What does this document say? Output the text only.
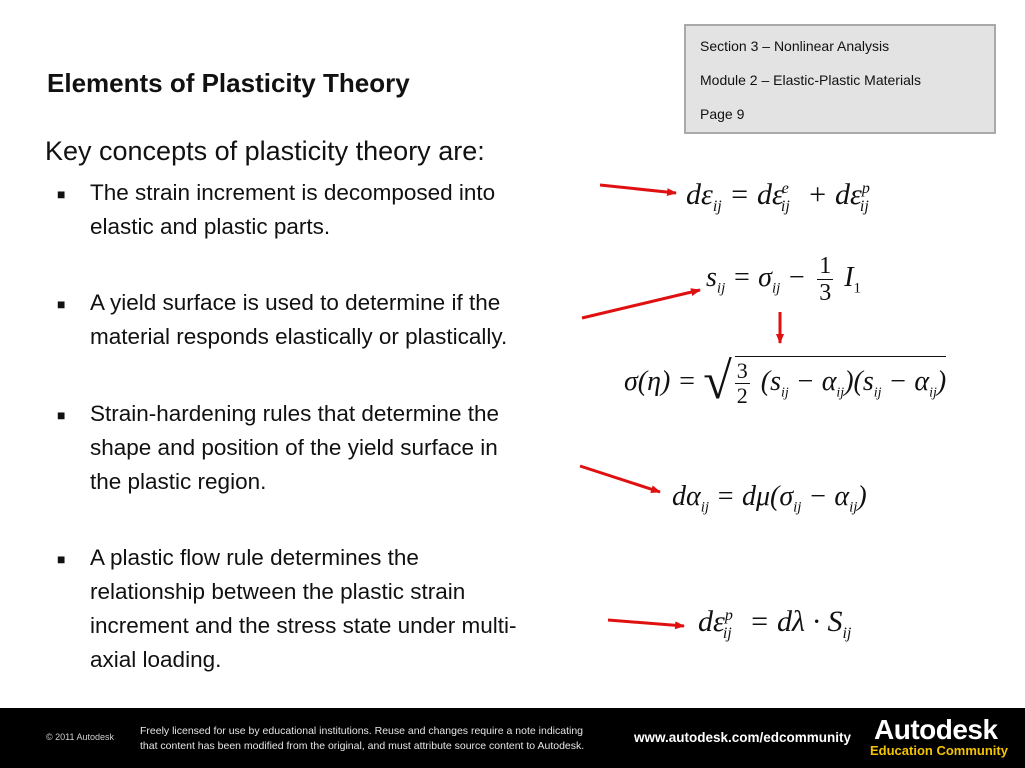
Section 3 – Nonlinear Analysis
Module 2 – Elastic-Plastic Materials
Page 9
Elements of Plasticity Theory
Key concepts of plasticity theory are:
■ The strain increment is decomposed into
elastic and plastic parts.
■ A yield surface is used to determine if the
material responds elastically or plastically.
■ Strain-hardening rules that determine the
shape and position of the yield surface in
the plastic region.
■ A plastic flow rule determines the
relationship between the plastic strain
increment and the stress state under multi-
axial loading.
$d\varepsilon_{ij} = d\varepsilon^e_{ij} + d\varepsilon^p_{ij}$
$s_{ij} = \sigma_{ij} - \frac{1}{3} I_1$
σ(η) = √ $\frac{3}{2} (s_{ij} - \alpha_{ij})(s_{ij} - \alpha_{ij})$
$d\alpha_{ij} = d\mu(\sigma_{ij} - \alpha_{ij})$
$d\varepsilon^p_{ij} = d\lambda \cdot S_{ij}$
© 2011 Autodesk Freely licensed for use by educational institutions. Reuse and changes require a note indicating
that content has been modified from the original, and must attribute source content to Autodesk.
www.autodesk.com/edcommunity Autodesk
Education Community
